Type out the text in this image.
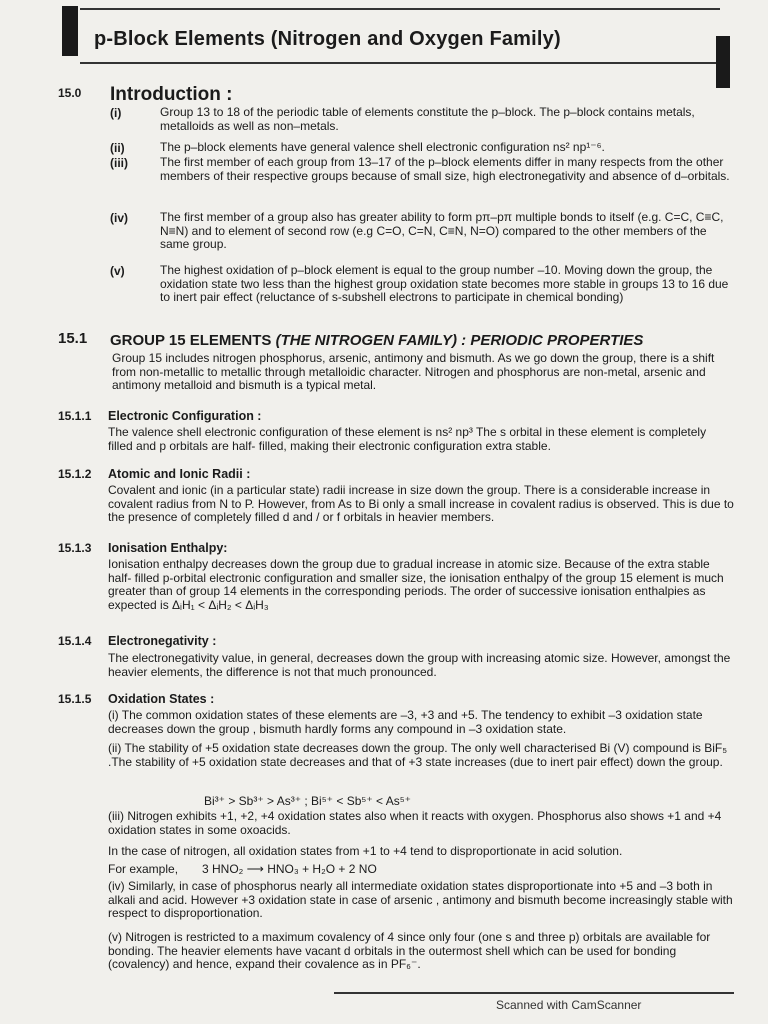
p-Block Elements (Nitrogen and Oxygen Family)
15.0 Introduction :
(i)	Group 13 to 18 of the periodic table of elements constitute the p–block. The p–block contains metals, metalloids as well as non–metals.
(ii)	The p–block elements have general valence shell electronic configuration ns² np¹⁻⁶.
(iii)	The first member of each group from 13–17 of the p–block elements differ in many respects from the other members of their respective groups because of small size, high electronegativity and absence of d–orbitals.
(iv)	The first member of a group also has greater ability to form pπ–pπ multiple bonds to itself (e.g. C=C, C≡C, N≡N) and to element of second row (e.g C=O, C=N, C≡N, N=O) compared to the other members of the same group.
(v)	The highest oxidation of p–block element is equal to the group number –10. Moving down the group, the oxidation state two less than the highest group oxidation state becomes more stable in groups 13 to 16 due to inert pair effect (reluctance of s-subshell electrons to participate in chemical bonding)
15.1 GROUP 15 ELEMENTS (THE NITROGEN FAMILY) : PERIODIC PROPERTIES
Group 15 includes nitrogen phosphorus, arsenic, antimony and bismuth. As we go down the group, there is a shift from non-metallic to metallic through metalloidic character. Nitrogen and phosphorus are non-metal, arsenic and antimony metalloid and bismuth is a typical metal.
15.1.1 Electronic Configuration :
The valence shell electronic configuration of these element is ns² np³ The s orbital in these element is completely filled and p orbitals are half- filled, making their electronic configuration extra stable.
15.1.2 Atomic and Ionic Radii :
Covalent and ionic (in a particular state) radii increase in size down the group. There is a considerable increase in covalent radius from N to P. However, from As to Bi only a small increase in covalent radius is observed. This is due to the presence of completely filled d and / or f orbitals in heavier members.
15.1.3 Ionisation Enthalpy:
Ionisation enthalpy decreases down the group due to gradual increase in atomic size. Because of the extra stable half- filled p-orbital electronic configuration and smaller size, the ionisation enthalpy of the group 15 element is much greater than of group 14 elements in the corresponding periods. The order of successive ionisation enthalpies as expected is ΔᵢH₁ < ΔᵢH₂ < ΔᵢH₃
15.1.4 Electronegativity :
The electronegativity value, in general, decreases down the group with increasing atomic size. However, amongst the heavier elements, the difference is not that much pronounced.
15.1.5 Oxidation States :
(i) The common oxidation states of these elements are –3, +3 and +5. The tendency to exhibit –3 oxidation state decreases down the group , bismuth hardly forms any compound in –3 oxidation state.
(ii) The stability of +5 oxidation state decreases down the group. The only well characterised Bi (V) compound is BiF₅ .The stability of +5 oxidation state decreases and that of +3 state increases (due to inert pair effect) down the group.
Bi³⁺ > Sb³⁺ > As³⁺ ; Bi⁵⁺ < Sb⁵⁺ < As⁵⁺
(iii) Nitrogen exhibits +1, +2, +4 oxidation states also when it reacts with oxygen. Phosphorus also shows +1 and +4 oxidation states in some oxoacids.
In the case of nitrogen, all oxidation states from +1 to +4 tend to disproportionate in acid solution.
For example, 3 HNO₂ ⟶ HNO₃ + H₂O + 2 NO
(iv) Similarly, in case of phosphorus nearly all intermediate oxidation states disproportionate into +5 and –3 both in alkali and acid. However +3 oxidation state in case of arsenic , antimony and bismuth become increasingly stable with respect to disproportionation.
(v) Nitrogen is restricted to a maximum covalency of 4 since only four (one s and three p) orbitals are available for bonding. The heavier elements have vacant d orbitals in the outermost shell which can be used for bonding (covalency) and hence, expand their covalence as in PF₆⁻.
Scanned with CamScanner
